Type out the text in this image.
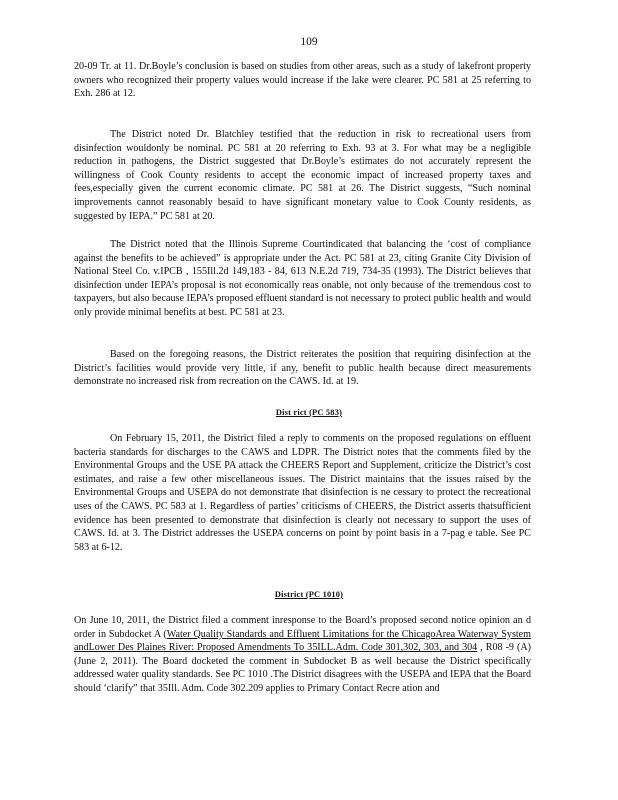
109

20-09 Tr. at 11. Dr.Boyle’s conclusion is based on studies from other areas, such as a study of lakefront property owners who recognized their property values would increase if the lake were clearer. PC 581 at 25 referring to Exh. 286 at 12.

The District noted Dr. Blatchley testified that the reduction in risk to recreational users from disinfection wouldonly be nominal. PC 581 at 20 referring to Exh. 93 at 3. For what may be a negligible reduction in pathogens, the District suggested that Dr.Boyle’s estimates do not accurately represent the willingness of Cook County residents to accept the economic impact of increased property taxes and fees,especially given the current economic climate. PC 581 at 26. The District suggests, “Such nominal improvements cannot reasonably besaid to have significant monetary value to Cook County residents, as suggested by IEPA.” PC 581 at 20.

The District noted that the Illinois Supreme Courtindicated that balancing the ‘cost of compliance against the benefits to be achieved” is appropriate under the Act. PC 581 at 23, citing Granite City Division of National Steel Co. v.IPCB , 155Ill.2d 149,183 - 84, 613 N.E.2d 719, 734-35 (1993). The District believes that disinfection under IEPA’s proposal is not economically reas onable, not only because of the tremendous cost to taxpayers, but also because IEPA’s proposed effluent standard is not necessary to protect public health and would only provide minimal benefits at best. PC 581 at 23.

Based on the foregoing reasons, the District reiterates the position that requiring disinfection at the District’s facilities would provide very little, if any, benefit to public health because direct measurements demonstrate no increased risk from recreation on the CAWS. Id. at 19.

Dist rict (PC 583)

On February 15, 2011, the District filed a reply to comments on the proposed regulations on effluent bacteria standards for discharges to the CAWS and LDPR. The District notes that the comments filed by the Environmental Groups and the USE PA attack the CHEERS Report and Supplement, criticize the District’s cost estimates, and raise a few other miscellaneous issues. The District maintains that the issues raised by the Environmental Groups and USEPA do not demonstrate that disinfection is ne cessary to protect the recreational uses of the CAWS. PC 583 at 1. Regardless of parties’ criticisms of CHEERS, the District asserts thatsufficient evidence has been presented to demonstrate that disinfection is clearly not necessary to support the uses of CAWS. Id. at 3. The District addresses the USEPA concerns on point by point basis in a 7-pag e table. See PC 583 at 6-12.

District (PC 1010)

On June 10, 2011, the District filed a comment inresponse to the Board’s proposed second notice opinion an d order in Subdocket A (Water Quality Standards and Effluent Limitations for the ChicagoArea Waterway System andLower Des Plaines River: Proposed Amendments To 35ILL.Adm. Code 301,302, 303, and 304 , R08 -9 (A) (June 2, 2011). The Board docketed the comment in Subdocket B as well because the District specifically addressed water quality standards. See PC 1010 .The District disagrees with the USEPA and IEPA that the Board should ‘clarify” that 35Ill. Adm. Code 302.209 applies to Primary Contact Recre ation and
